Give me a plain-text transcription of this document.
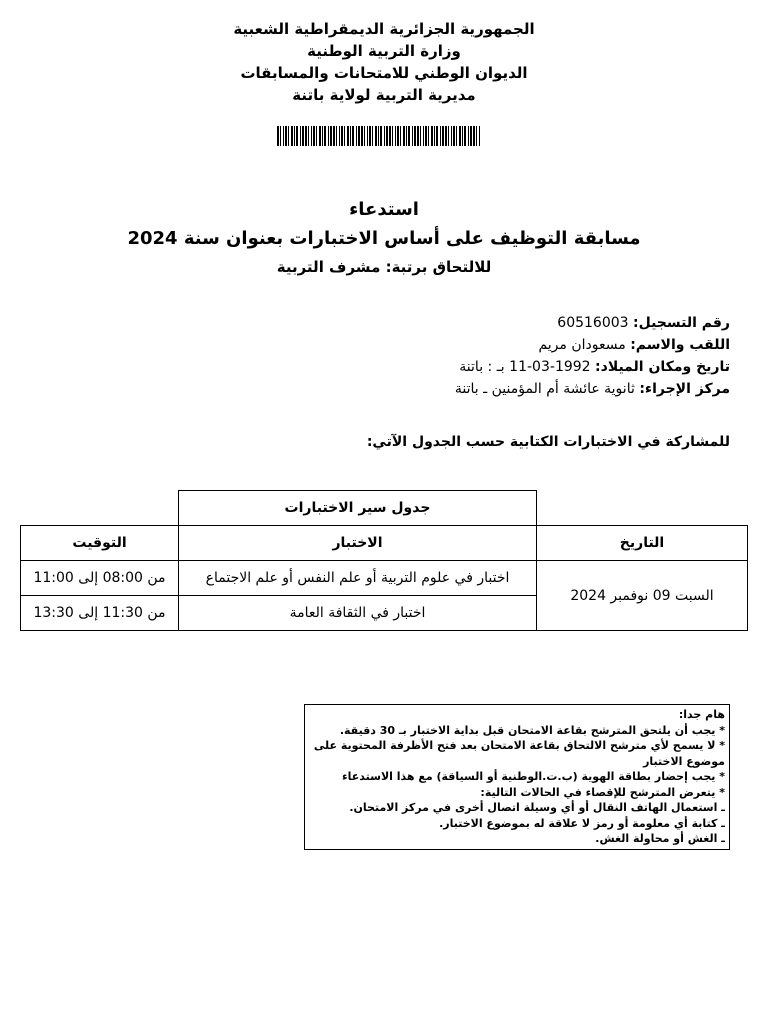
الجمهورية الجزائرية الديمقراطية الشعبية
وزارة التربية الوطنية
الديوان الوطني للامتحانات والمسابقات
مديرية التربية لولاية باتنة
استدعاء
مسابقة التوظيف على أساس الاختبارات بعنوان سنة 2024
للالتحاق برتبة: مشرف التربية
رقم التسجيل: 60516003
اللقب والاسم: مسعودان مريم
تاريخ ومكان الميلاد: 1992-03-11 بـ : باتنة
مركز الإجراء: ثانوية عائشة أم المؤمنين ـ باتنة
للمشاركة في الاختبارات الكتابية حسب الجدول الآتي:
	جدول سير الاختبارات	
التاريخ	الاختبار	التوقيت
السبت 09 نوفمبر 2024	اختبار في علوم التربية أو علم النفس أو علم الاجتماع	من 08:00 إلى 11:00
	اختبار في الثقافة العامة	من 11:30 إلى 13:30
هام جدا:
* يجب أن يلتحق المترشح بقاعة الامتحان قبل بداية الاختبار بـ 30 دقيقة.
* لا يسمح لأي مترشح الالتحاق بقاعة الامتحان بعد فتح الأظرفة المحتوية على
موضوع الاختبار
* يجب إحضار بطاقة الهوية (ب.ت.الوطنية أو السياقة) مع هذا الاستدعاء
* يتعرض المترشح للإقصاء في الحالات التالية:
ـ استعمال الهاتف النقال أو أي وسيلة اتصال أخرى في مركز الامتحان.
ـ كتابة أي معلومة أو رمز لا علاقة له بموضوع الاختبار.
ـ الغش أو محاولة الغش.
